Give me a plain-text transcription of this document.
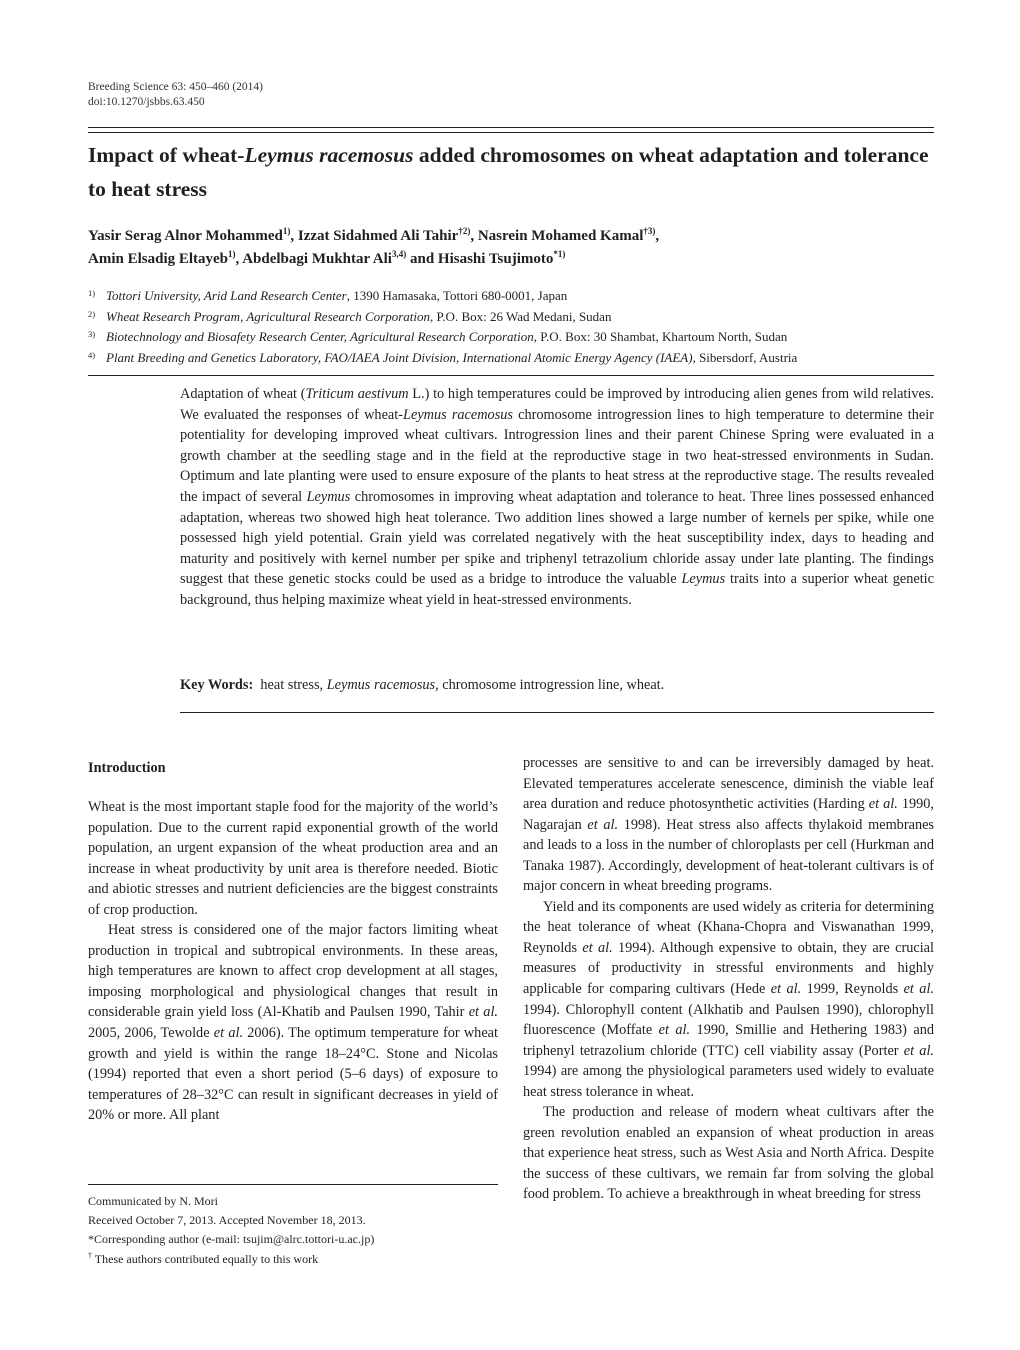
Breeding Science 63: 450–460 (2014)
doi:10.1270/jsbbs.63.450
Impact of wheat-Leymus racemosus added chromosomes on wheat adaptation and tolerance to heat stress
Yasir Serag Alnor Mohammed$^{1)}$, Izzat Sidahmed Ali Tahir$^{\dagger 2)}$, Nasrein Mohamed Kamal$^{\dagger 3)}$,
Amin Elsadig Eltayeb$^{1)}$, Abdelbagi Mukhtar Ali$^{3,4)}$ and Hisashi Tsujimoto$^{*1)}$
1) Tottori University, Arid Land Research Center, 1390 Hamasaka, Tottori 680-0001, Japan
2) Wheat Research Program, Agricultural Research Corporation, P.O. Box: 26 Wad Medani, Sudan
3) Biotechnology and Biosafety Research Center, Agricultural Research Corporation, P.O. Box: 30 Shambat, Khartoum North, Sudan
4) Plant Breeding and Genetics Laboratory, FAO/IAEA Joint Division, International Atomic Energy Agency (IAEA), Sibersdorf, Austria

Adaptation of wheat (Triticum aestivum L.) to high temperatures could be improved by introducing alien genes from wild relatives. We evaluated the responses of wheat-Leymus racemosus chromosome introgression lines to high temperature to determine their potentiality for developing improved wheat cultivars. Introgression lines and their parent Chinese Spring were evaluated in a growth chamber at the seedling stage and in the field at the reproductive stage in two heat-stressed environments in Sudan. Optimum and late planting were used to ensure exposure of the plants to heat stress at the reproductive stage. The results revealed the impact of several Leymus chromosomes in improving wheat adaptation and tolerance to heat. Three lines possessed enhanced adaptation, whereas two showed high heat tolerance. Two addition lines showed a large number of kernels per spike, while one possessed high yield potential. Grain yield was correlated negatively with the heat susceptibility index, days to heading and maturity and positively with kernel number per spike and triphenyl tetrazolium chloride assay under late planting. The findings suggest that these genetic stocks could be used as a bridge to introduce the valuable Leymus traits into a superior wheat genetic background, thus helping maximize wheat yield in heat-stressed environments.

Key Words: heat stress, Leymus racemosus, chromosome introgression line, wheat.
Introduction

Wheat is the most important staple food for the majority of the world’s population. Due to the current rapid exponential growth of the world population, an urgent expansion of the wheat production area and an increase in wheat productivity by unit area is therefore needed. Biotic and abiotic stresses and nutrient deficiencies are the biggest constraints of crop production.

Heat stress is considered one of the major factors limiting wheat production in tropical and subtropical environments. In these areas, high temperatures are known to affect crop development at all stages, imposing morphological and physiological changes that result in considerable grain yield loss (Al-Khatib and Paulsen 1990, Tahir et al. 2005, 2006, Tewolde et al. 2006). The optimum temperature for wheat growth and yield is within the range 18–24°C. Stone and Nicolas (1994) reported that even a short period (5–6 days) of exposure to temperatures of 28–32°C can result in significant decreases in yield of 20% or more. All plant

Communicated by N. Mori
Received October 7, 2013. Accepted November 18, 2013.
*Corresponding author (e-mail: tsujim@alrc.tottori-u.ac.jp)
† These authors contributed equally to this work

processes are sensitive to and can be irreversibly damaged by heat. Elevated temperatures accelerate senescence, diminish the viable leaf area duration and reduce photosynthetic activities (Harding et al. 1990, Nagarajan et al. 1998). Heat stress also affects thylakoid membranes and leads to a loss in the number of chloroplasts per cell (Hurkman and Tanaka 1987). Accordingly, development of heat-tolerant cultivars is of major concern in wheat breeding programs.

Yield and its components are used widely as criteria for determining the heat tolerance of wheat (Khana-Chopra and Viswanathan 1999, Reynolds et al. 1994). Although expensive to obtain, they are crucial measures of productivity in stressful environments and highly applicable for comparing cultivars (Hede et al. 1999, Reynolds et al. 1994). Chlorophyll content (Alkhatib and Paulsen 1990), chlorophyll fluorescence (Moffate et al. 1990, Smillie and Hethering 1983) and triphenyl tetrazolium chloride (TTC) cell viability assay (Porter et al. 1994) are among the physiological parameters used widely to evaluate heat stress tolerance in wheat.

The production and release of modern wheat cultivars after the green revolution enabled an expansion of wheat production in areas that experience heat stress, such as West Asia and North Africa. Despite the success of these cultivars, we remain far from solving the global food problem. To achieve a breakthrough in wheat breeding for stress
